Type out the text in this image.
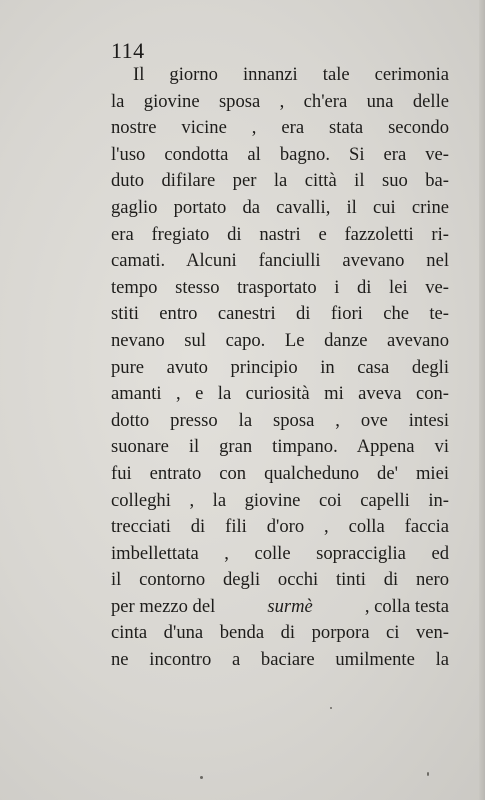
114
Il giorno innanzi tale cerimonia
la giovine sposa , ch'era una delle
nostre vicine , era stata secondo
l'uso condotta al bagno. Si era ve-
duto difilare per la città il suo ba-
gaglio portato da cavalli, il cui crine
era fregiato di nastri e fazzoletti ri-
camati. Alcuni fanciulli avevano nel
tempo stesso trasportato i di lei ve-
stiti entro canestri di fiori che te-
nevano sul capo. Le danze avevano
pure avuto principio in casa degli
amanti , e la curiosità mi aveva con-
dotto presso la sposa , ove intesi
suonare il gran timpano. Appena vi
fui entrato con qualcheduno de' miei
colleghi , la giovine coi capelli in-
trecciati di fili d'oro , colla faccia
imbellettata , colle sopracciglia ed
il contorno degli occhi tinti di nero
per mezzo del	surmè	, colla testa
cinta d'una benda di porpora ci ven-
ne incontro a baciare umilmente la
